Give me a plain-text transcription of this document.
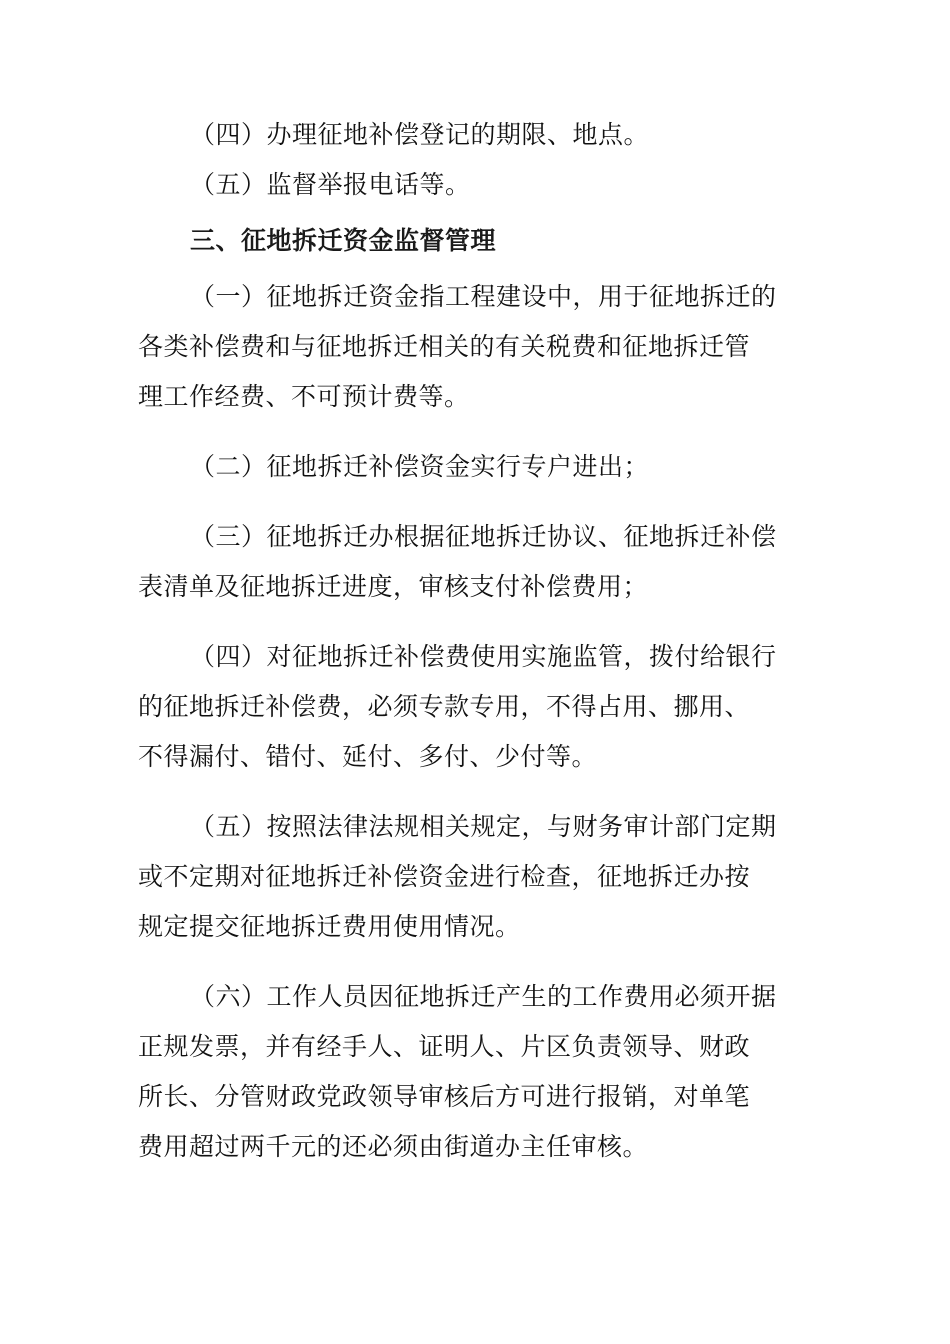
（四）办理征地补偿登记的期限、地点。
（五）监督举报电话等。
三、征地拆迁资金监督管理
（一）征地拆迁资金指工程建设中，用于征地拆迁的
各类补偿费和与征地拆迁相关的有关税费和征地拆迁管
理工作经费、不可预计费等。
（二）征地拆迁补偿资金实行专户进出；
（三）征地拆迁办根据征地拆迁协议、征地拆迁补偿
表清单及征地拆迁进度，审核支付补偿费用；
（四）对征地拆迁补偿费使用实施监管，拨付给银行
的征地拆迁补偿费，必须专款专用，不得占用、挪用、
不得漏付、错付、延付、多付、少付等。
（五）按照法律法规相关规定，与财务审计部门定期
或不定期对征地拆迁补偿资金进行检查，征地拆迁办按
规定提交征地拆迁费用使用情况。
（六）工作人员因征地拆迁产生的工作费用必须开据
正规发票，并有经手人、证明人、片区负责领导、财政
所长、分管财政党政领导审核后方可进行报销，对单笔
费用超过两千元的还必须由街道办主任审核。
